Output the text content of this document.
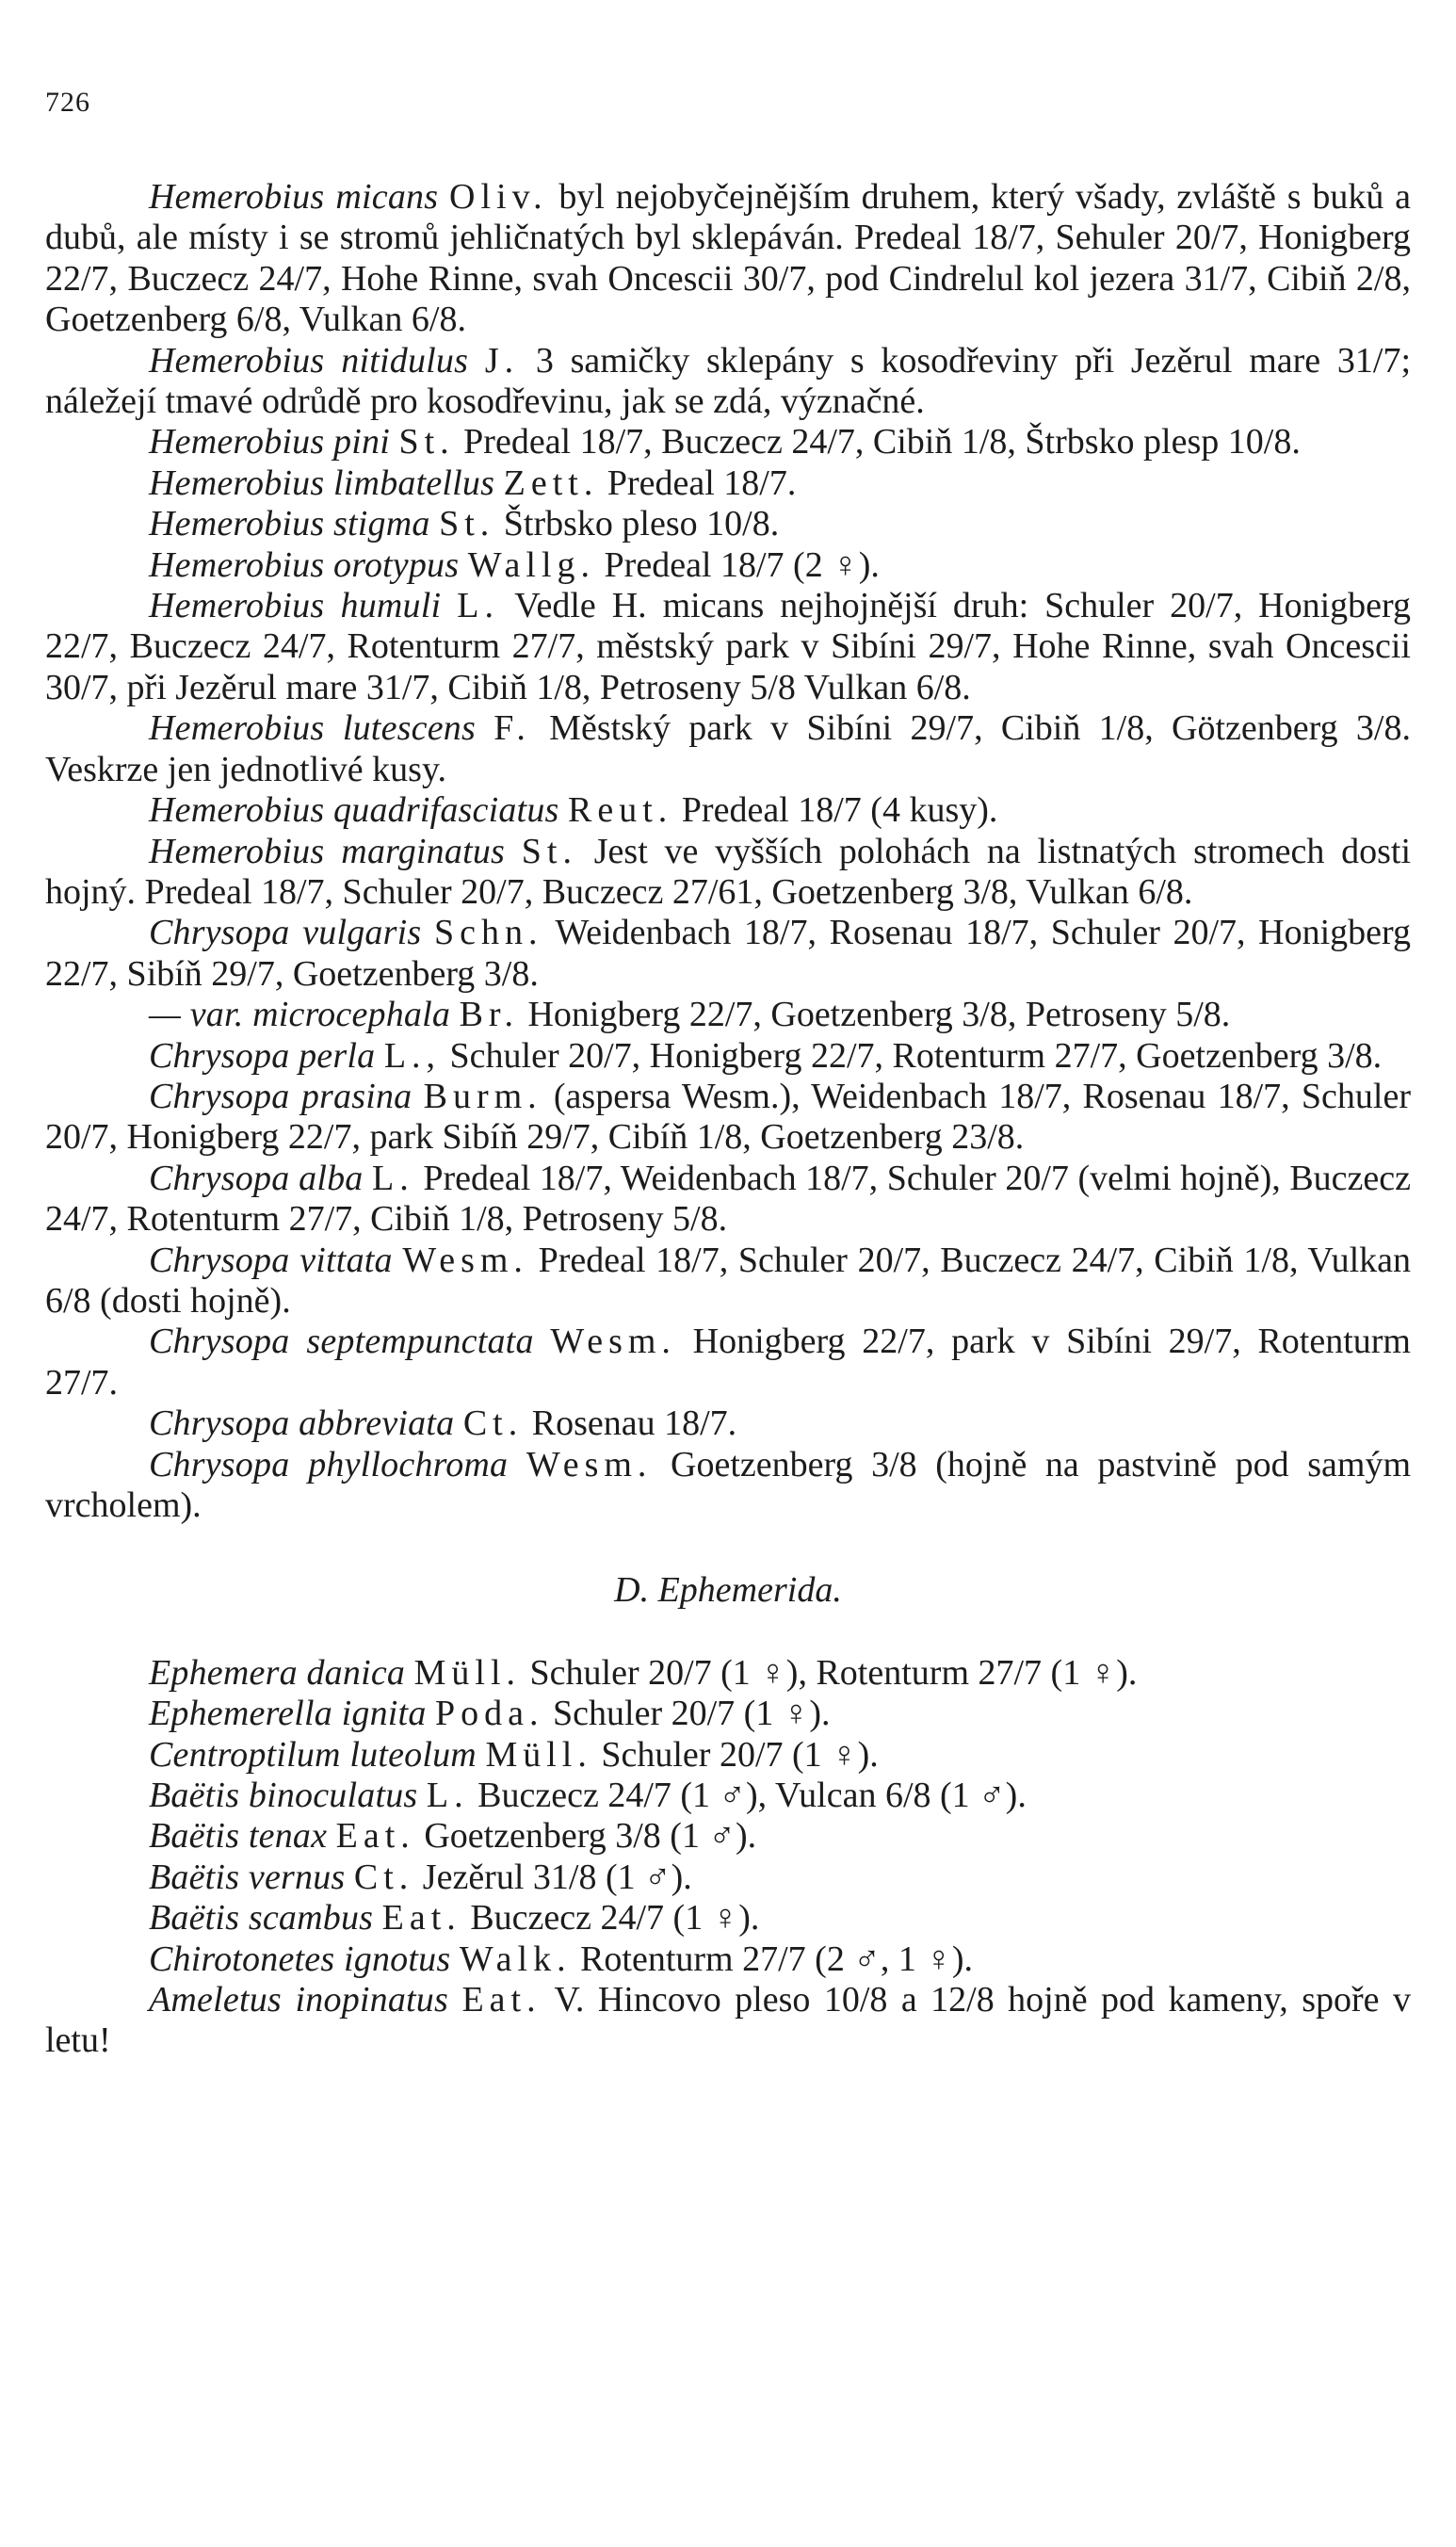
726

Hemerobius micans Oliv. byl nejobyčejnějším druhem, který všady, zvláště s buků a dubů, ale místy i se stromů jehličnatých byl sklepáván. Predeal 18/7, Sehuler 20/7, Honigberg 22/7, Buczecz 24/7, Hohe Rinne, svah Oncescii 30/7, pod Cindrelul kol jezera 31/7, Cibiň 2/8, Goetzenberg 6/8, Vulkan 6/8.

Hemerobius nitidulus J. 3 samičky sklepány s kosodřeviny při Jezěrul mare 31/7; náležejí tmavé odrůdě pro kosodřevinu, jak se zdá, význačné.

Hemerobius pini St. Predeal 18/7, Buczecz 24/7, Cibiň 1/8, Štrbsko plesp 10/8.

Hemerobius limbatellus Zett. Predeal 18/7.

Hemerobius stigma St. Štrbsko pleso 10/8.

Hemerobius orotypus Wallg. Predeal 18/7 (2 ♀).

Hemerobius humuli L. Vedle H. micans nejhojnější druh: Schuler 20/7, Honigberg 22/7, Buczecz 24/7, Rotenturm 27/7, městský park v Sibíni 29/7, Hohe Rinne, svah Oncescii 30/7, při Jezěrul mare 31/7, Cibiň 1/8, Petroseny 5/8 Vulkan 6/8.

Hemerobius lutescens F. Městský park v Sibíni 29/7, Cibiň 1/8, Götzenberg 3/8. Veskrze jen jednotlivé kusy.

Hemerobius quadrifasciatus Reut. Predeal 18/7 (4 kusy).

Hemerobius marginatus St. Jest ve vyšších polohách na listnatých stromech dosti hojný. Predeal 18/7, Schuler 20/7, Buczecz 27/61, Goetzenberg 3/8, Vulkan 6/8.

Chrysopa vulgaris Schn. Weidenbach 18/7, Rosenau 18/7, Schuler 20/7, Honigberg 22/7, Sibíň 29/7, Goetzenberg 3/8.

— var. microcephala Br. Honigberg 22/7, Goetzenberg 3/8, Petroseny 5/8.

Chrysopa perla L., Schuler 20/7, Honigberg 22/7, Rotenturm 27/7, Goetzenberg 3/8.

Chrysopa prasina Burm. (aspersa Wesm.), Weidenbach 18/7, Rosenau 18/7, Schuler 20/7, Honigberg 22/7, park Sibíň 29/7, Cibíň 1/8, Goetzenberg 23/8.

Chrysopa alba L. Predeal 18/7, Weidenbach 18/7, Schuler 20/7 (velmi hojně), Buczecz 24/7, Rotenturm 27/7, Cibiň 1/8, Petroseny 5/8.

Chrysopa vittata Wesm. Predeal 18/7, Schuler 20/7, Buczecz 24/7, Cibiň 1/8, Vulkan 6/8 (dosti hojně).

Chrysopa septempunctata Wesm. Honigberg 22/7, park v Sibíni 29/7, Rotenturm 27/7.

Chrysopa abbreviata Ct. Rosenau 18/7.

Chrysopa phyllochroma Wesm. Goetzenberg 3/8 (hojně na pastvině pod samým vrcholem).

D. Ephemerida.

Ephemera danica Müll. Schuler 20/7 (1 ♀), Rotenturm 27/7 (1 ♀).

Ephemerella ignita Poda. Schuler 20/7 (1 ♀).

Centroptilum luteolum Müll. Schuler 20/7 (1 ♀).

Baëtis binoculatus L. Buczecz 24/7 (1 ♂), Vulcan 6/8 (1 ♂).

Baëtis tenax Eat. Goetzenberg 3/8 (1 ♂).

Baëtis vernus Ct. Jezěrul 31/8 (1 ♂).

Baëtis scambus Eat. Buczecz 24/7 (1 ♀).

Chirotonetes ignotus Walk. Rotenturm 27/7 (2 ♂, 1 ♀).

Ameletus inopinatus Eat. V. Hincovo pleso 10/8 a 12/8 hojně pod kameny, spoře v letu!
